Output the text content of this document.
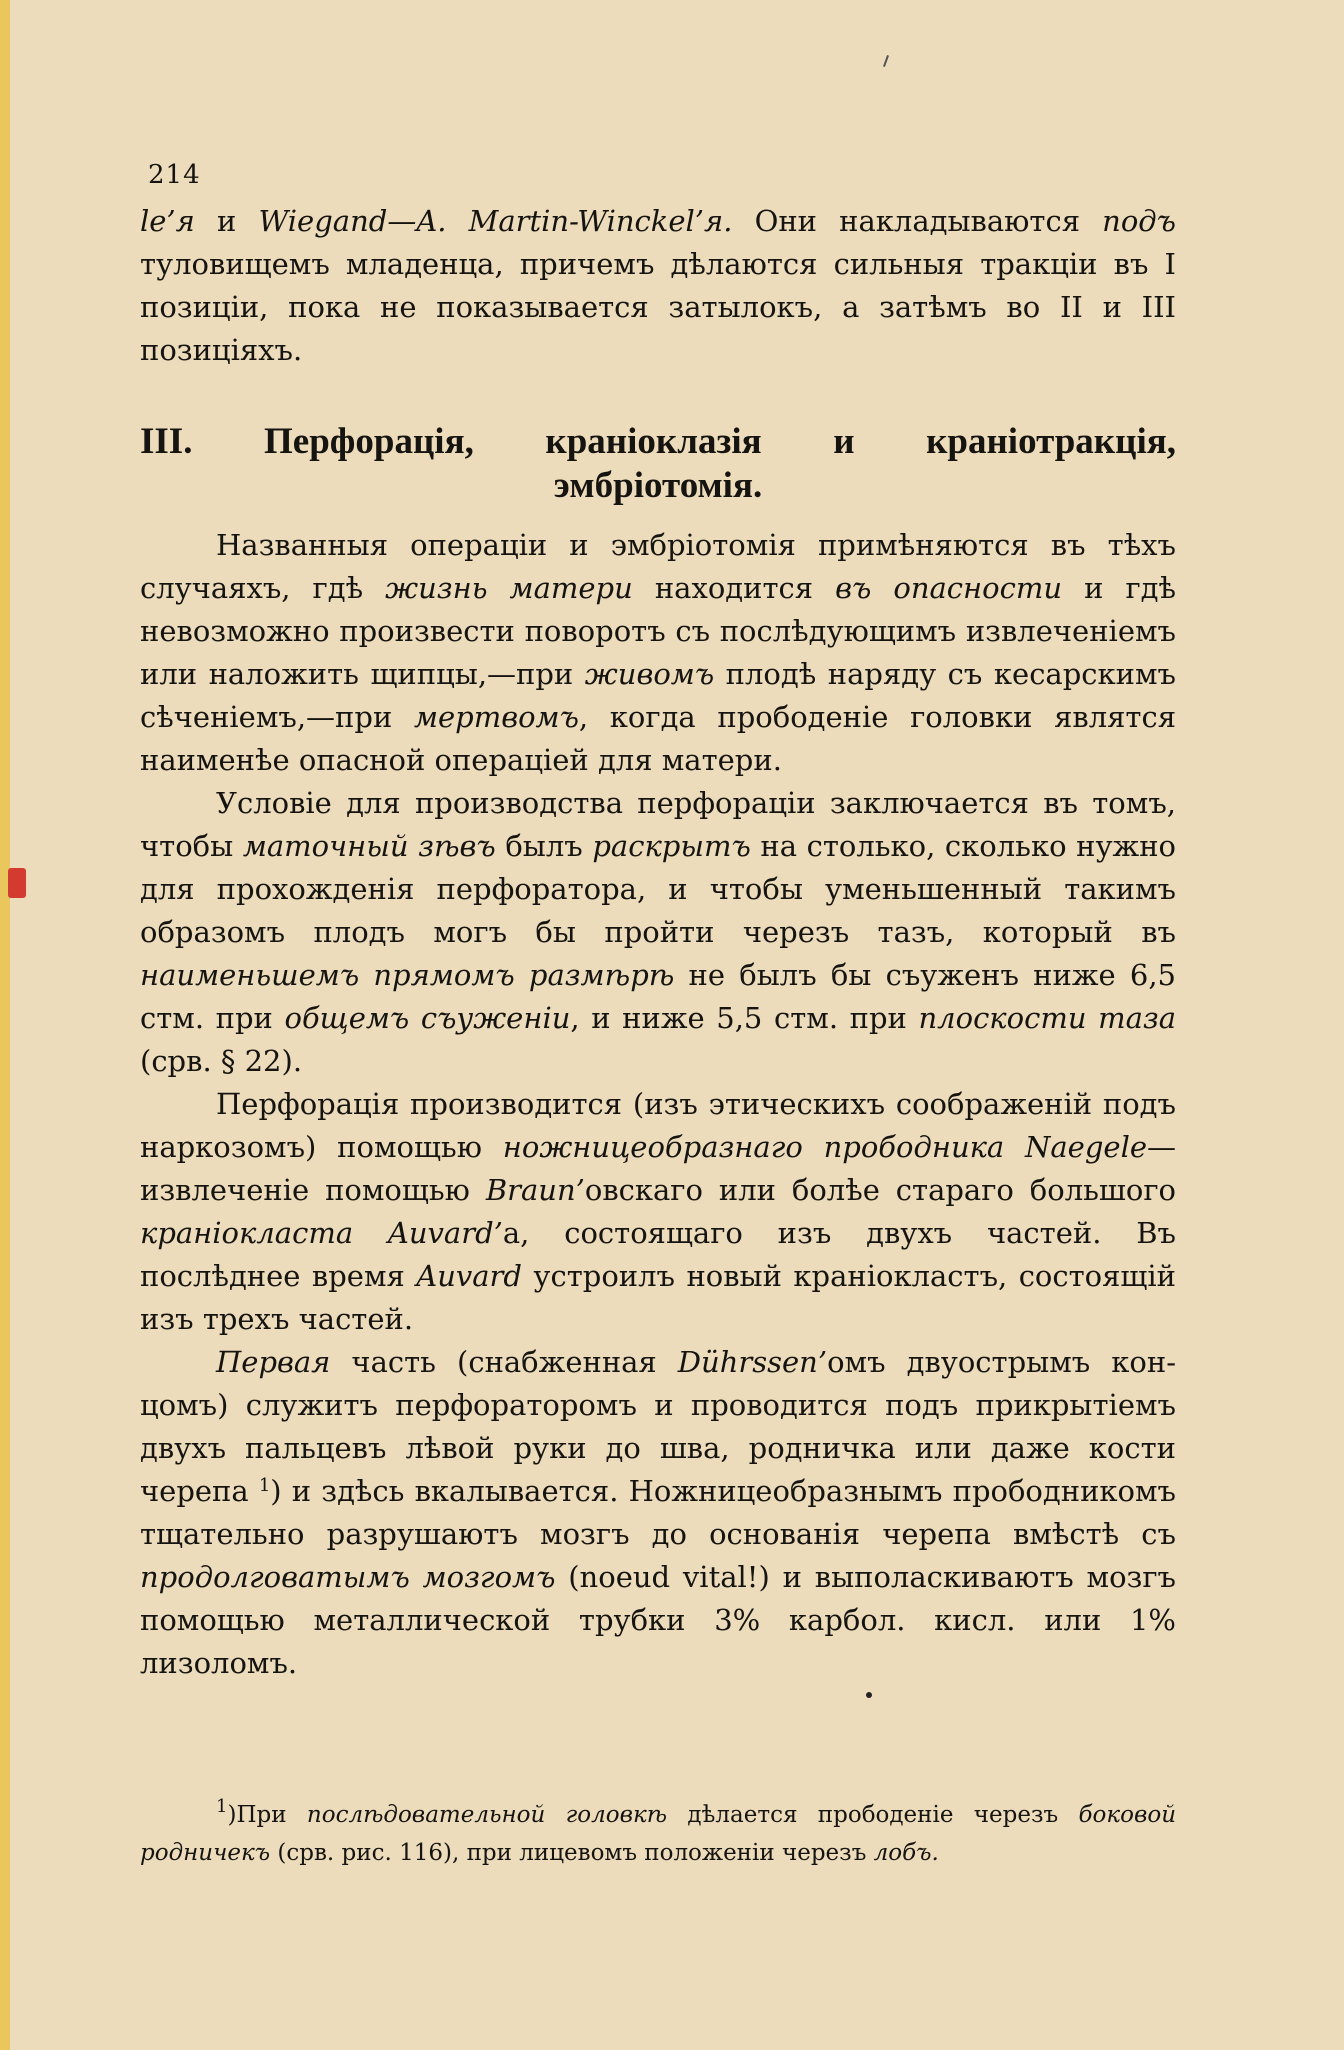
214

le’я и Wiegand—A. Martin-Winckel’я. Они накладываются подъ туловищемъ младенца, причемъ дѣлаются сильныя тракціи въ I позиціи, пока не показывается затылокъ, а затѣмъ во II и III позиціяхъ.

III. Перфорація, краніоклазія и краніотракція,
эмбріотомія.

Названныя операціи и эмбріотомія примѣняются въ тѣхъ случаяхъ, гдѣ жизнь матери находится въ опасности и гдѣ невозможно произвести поворотъ съ послѣдующимъ извлеченіемъ или наложить щипцы,—при живомъ плодѣ наряду съ кесарскимъ сѣченіемъ,—при мертвомъ, когда прободеніе головки являтся наименѣе опасной операціей для матери.

Условіе для производства перфораціи заключается въ томъ, чтобы маточный зѣвъ былъ раскрытъ на столько, сколько нужно для прохожденія перфоратора, и чтобы уменьшенный такимъ образомъ плодъ могъ бы пройти черезъ тазъ, который въ наименьшемъ прямомъ размѣрѣ не былъ бы съуженъ ниже 6,5 стм. при общемъ съуженіи, и ниже 5,5 стм. при плоскости таза (срв. § 22).

Перфорація производится (изъ этическихъ соображеній подъ наркозомъ) помощью ножницеобразнаго прободника Naegele—извлеченіе помощью Braun’овскаго или болѣе стараго большого краніокласта Auvard’а, состоящаго изъ двухъ частей. Въ послѣднее время Auvard устроилъ новый краніокластъ, состоящій изъ трехъ частей.

Первая часть (снабженная Dührssen’омъ двуострымъ концомъ) служитъ перфораторомъ и проводится подъ прикрытіемъ двухъ пальцевъ лѣвой руки до шва, родничка или даже кости черепа $^1$) и здѣсь вкалывается. Ножницеобразнымъ прободникомъ тщательно разрушаютъ мозгъ до основанія черепа вмѣстѣ съ продолговатымъ мозгомъ (noeud vital!) и выполаскиваютъ мозгъ помощью металлической трубки 3% карбол. кисл. или 1% лизоломъ.

$^1$)При послѣдовательной головкѣ дѣлается прободеніе черезъ боковой родничекъ (срв. рис. 116), при лицевомъ положеніи черезъ лобъ.
